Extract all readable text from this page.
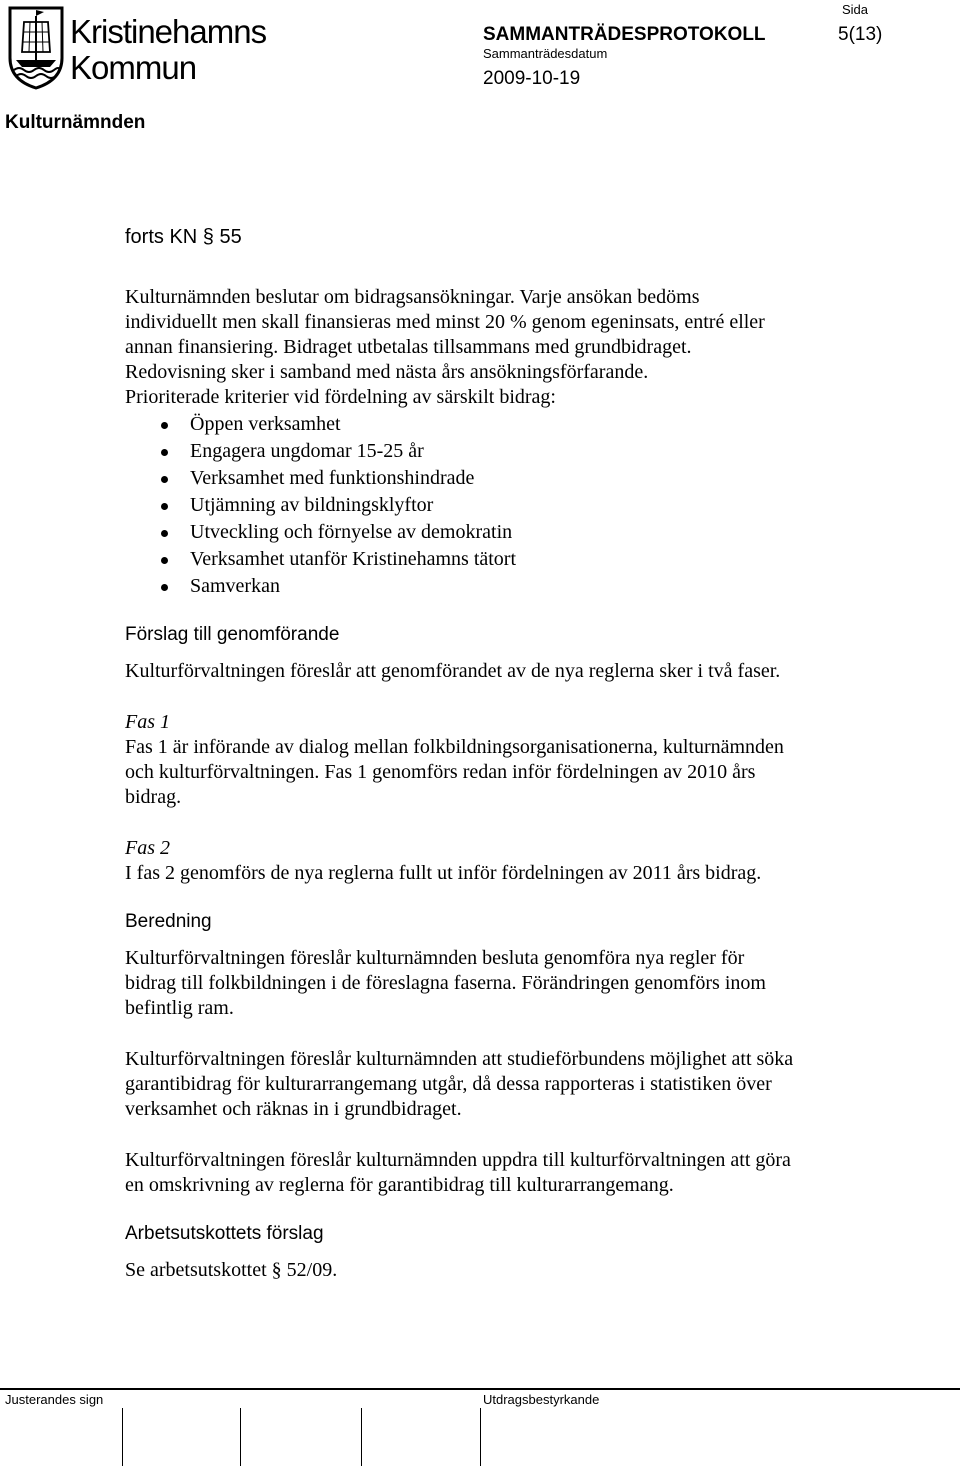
Kristinehamns
Kommun
SAMMANTRÄDESPROTOKOLL
Sammanträdesdatum
2009-10-19
Sida
5(13)
Kulturnämnden
forts KN § 55
Kulturnämnden beslutar om bidragsansökningar. Varje ansökan bedöms
individuellt men skall finansieras med minst 20 % genom egeninsats, entré eller
annan finansiering. Bidraget utbetalas tillsammans med grundbidraget.
Redovisning sker i samband med nästa års ansökningsförfarande.
Prioriterade kriterier vid fördelning av särskilt bidrag:
Öppen verksamhet
Engagera ungdomar 15-25 år
Verksamhet med funktionshindrade
Utjämning av bildningsklyftor
Utveckling och förnyelse av demokratin
Verksamhet utanför Kristinehamns tätort
Samverkan
Förslag till genomförande
Kulturförvaltningen föreslår att genomförandet av de nya reglerna sker i två faser.
Fas 1
Fas 1 är införande av dialog mellan folkbildningsorganisationerna, kulturnämnden
och kulturförvaltningen. Fas 1 genomförs redan inför fördelningen av 2010 års
bidrag.
Fas 2
I fas 2 genomförs de nya reglerna fullt ut inför fördelningen av 2011 års bidrag.
Beredning
Kulturförvaltningen föreslår kulturnämnden besluta genomföra nya regler för
bidrag till folkbildningen i de föreslagna faserna. Förändringen genomförs inom
befintlig ram.
Kulturförvaltningen föreslår kulturnämnden att studieförbundens möjlighet att söka
garantibidrag för kulturarrangemang utgår, då dessa rapporteras i statistiken över
verksamhet och räknas in i grundbidraget.
Kulturförvaltningen föreslår kulturnämnden uppdra till kulturförvaltningen att göra
en omskrivning av reglerna för garantibidrag till kulturarrangemang.
Arbetsutskottets förslag
Se arbetsutskottet § 52/09.
Justerandes sign	Utdragsbestyrkande
